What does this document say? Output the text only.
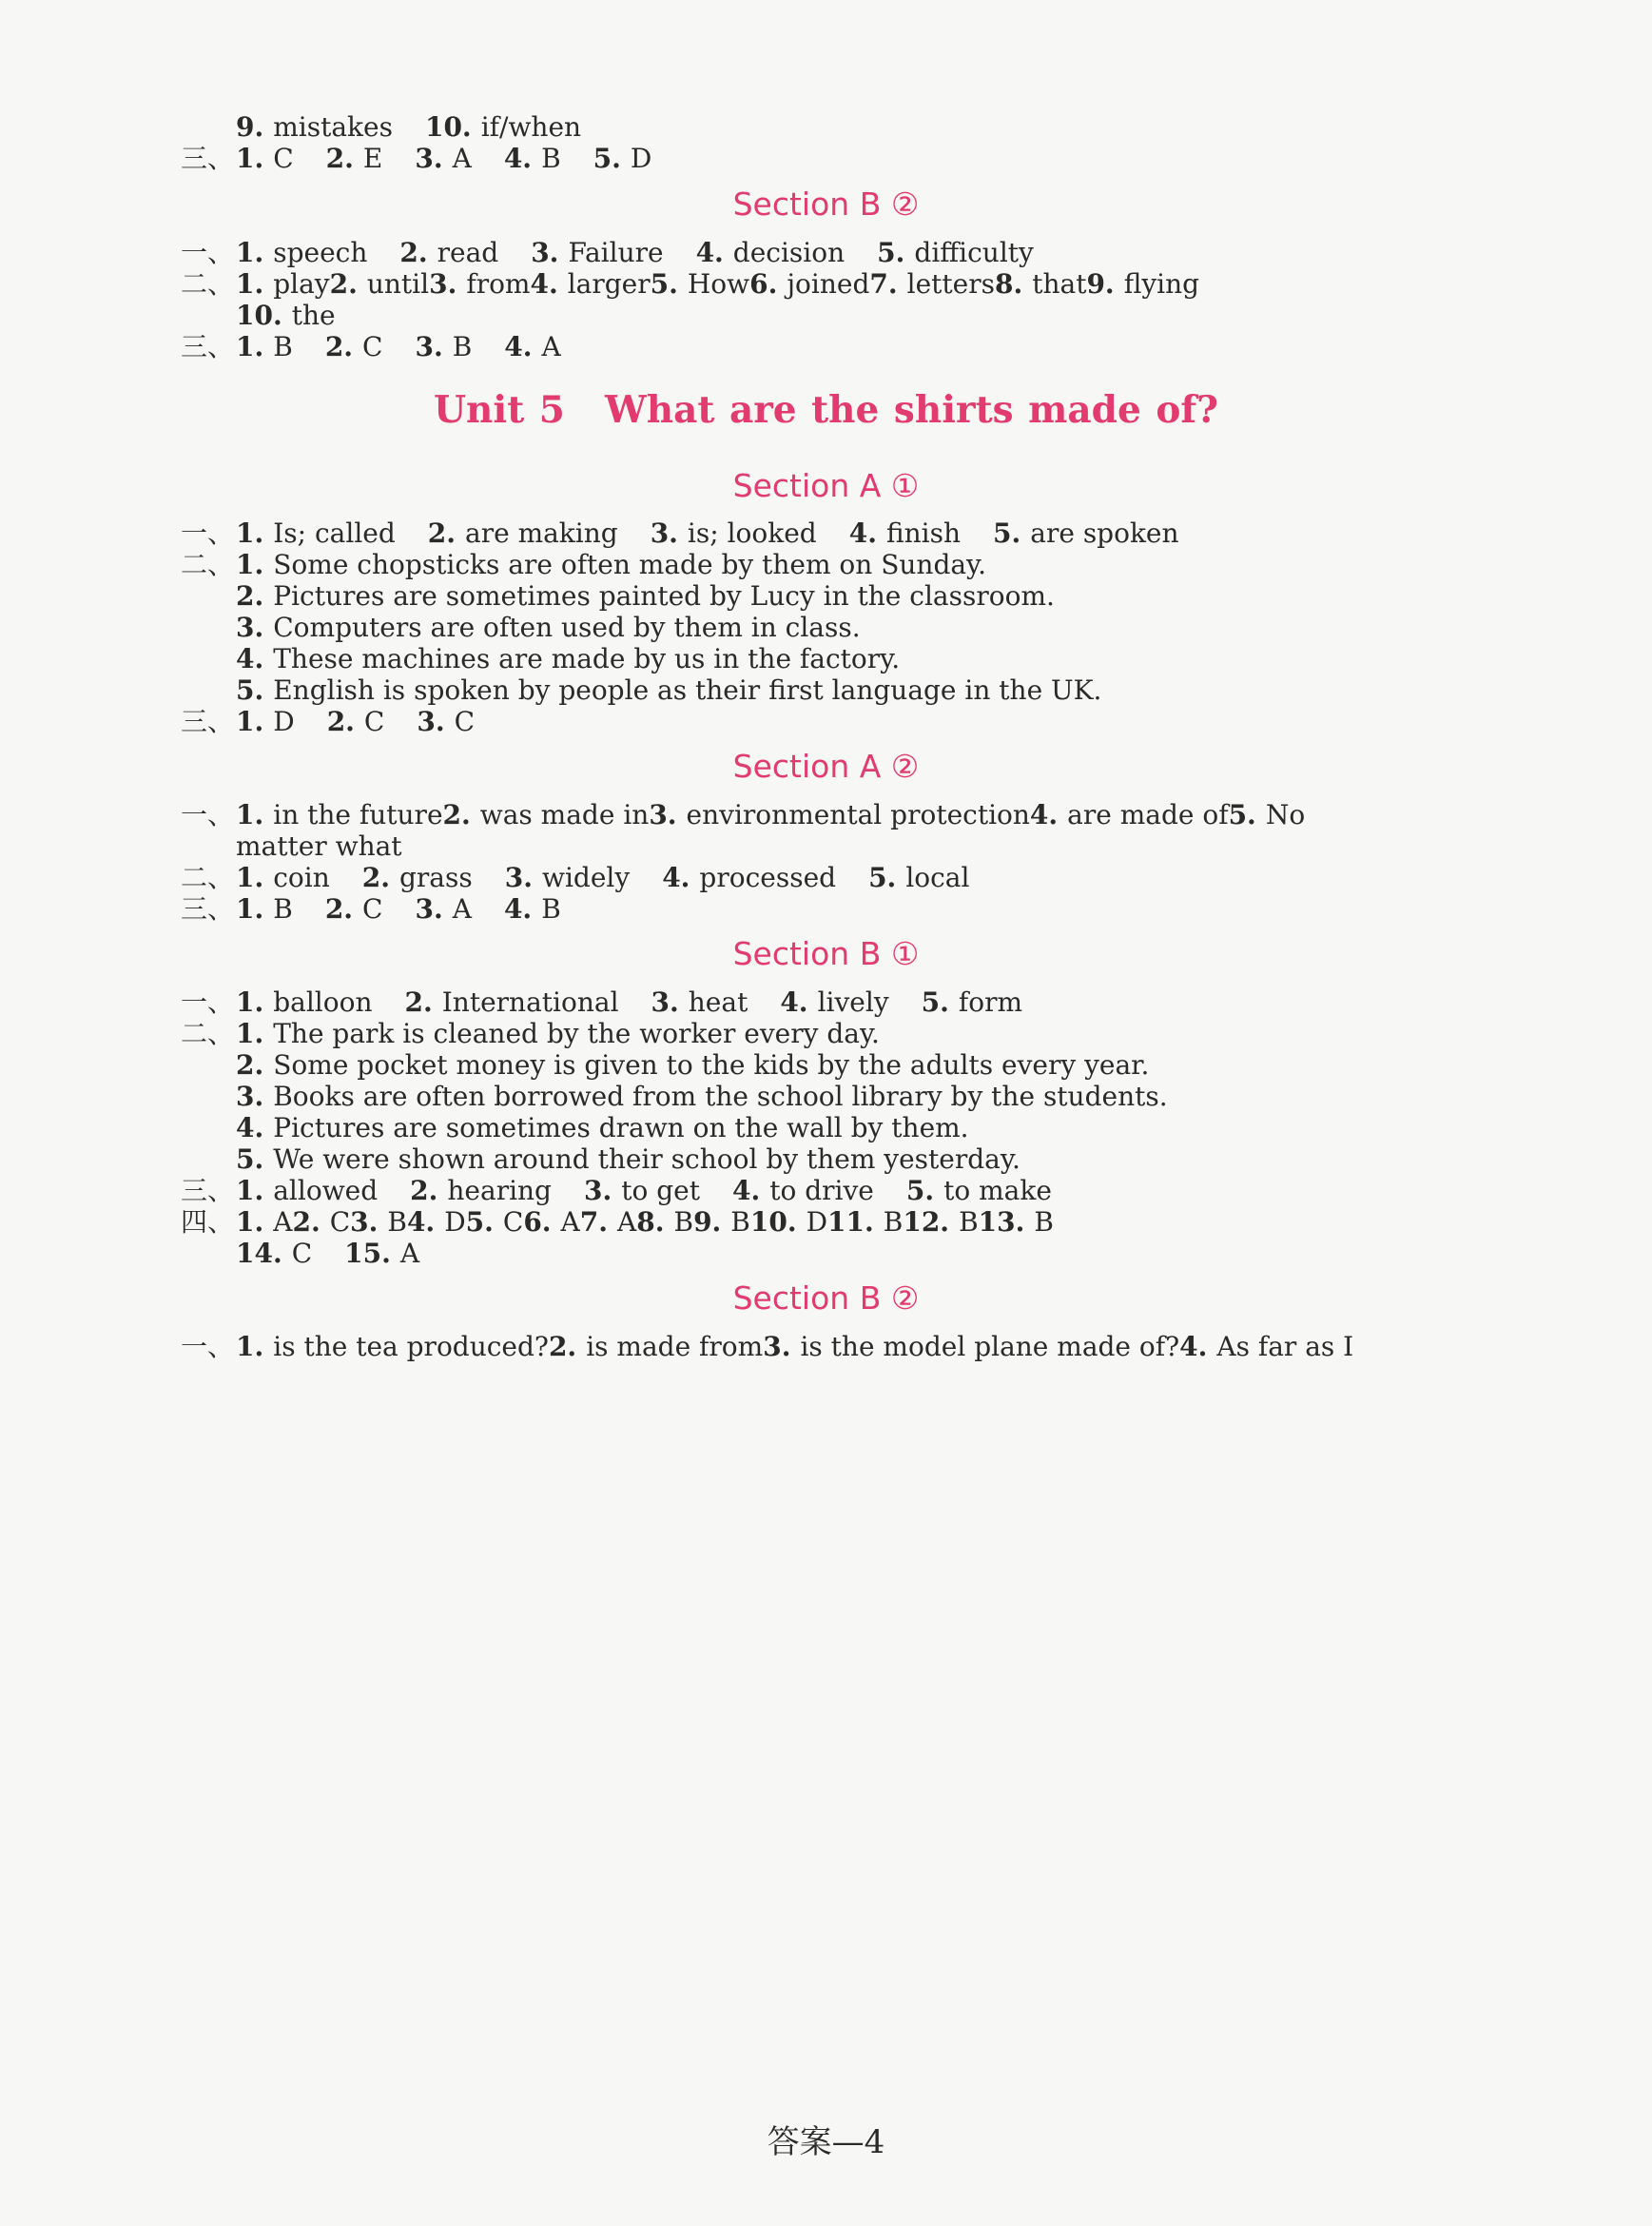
9. mistakes 10. if/when
三、1. C 2. E 3. A 4. B 5. D
一、1. speech 2. read 3. Failure 4. decision 5. difficulty
二、1. play 2. until 3. from 4. larger 5. How 6. joined 7. letters 8. that 9. flying
10. the
三、1. B 2. C 3. B 4. A
一、1. Is; called 2. are making 3. is; looked 4. finish 5. are spoken
二、1. Some chopsticks are often made by them on Sunday.
2. Pictures are sometimes painted by Lucy in the classroom.
3. Computers are often used by them in class.
4. These machines are made by us in the factory.
5. English is spoken by people as their first language in the UK.
三、1. D 2. C 3. C
一、1. in the future 2. was made in 3. environmental protection 4. are made of 5. No
matter what
二、1. coin 2. grass 3. widely 4. processed 5. local
三、1. B 2. C 3. A 4. B
一、1. balloon 2. International 3. heat 4. lively 5. form
二、1. The park is cleaned by the worker every day.
2. Some pocket money is given to the kids by the adults every year.
3. Books are often borrowed from the school library by the students.
4. Pictures are sometimes drawn on the wall by them.
5. We were shown around their school by them yesterday.
三、1. allowed 2. hearing 3. to get 4. to drive 5. to make
四、1. A 2. C 3. B 4. D 5. C 6. A 7. A 8. B 9. B 10. D 11. B 12. B 13. B
14. C 15. A
一、1. is the tea produced? 2. is made from 3. is the model plane made of? 4. As far as I
Section B ②
Unit 5 What are the shirts made of?
Section A ①
Section A ②
Section B ①
Section B ②
答案—4
